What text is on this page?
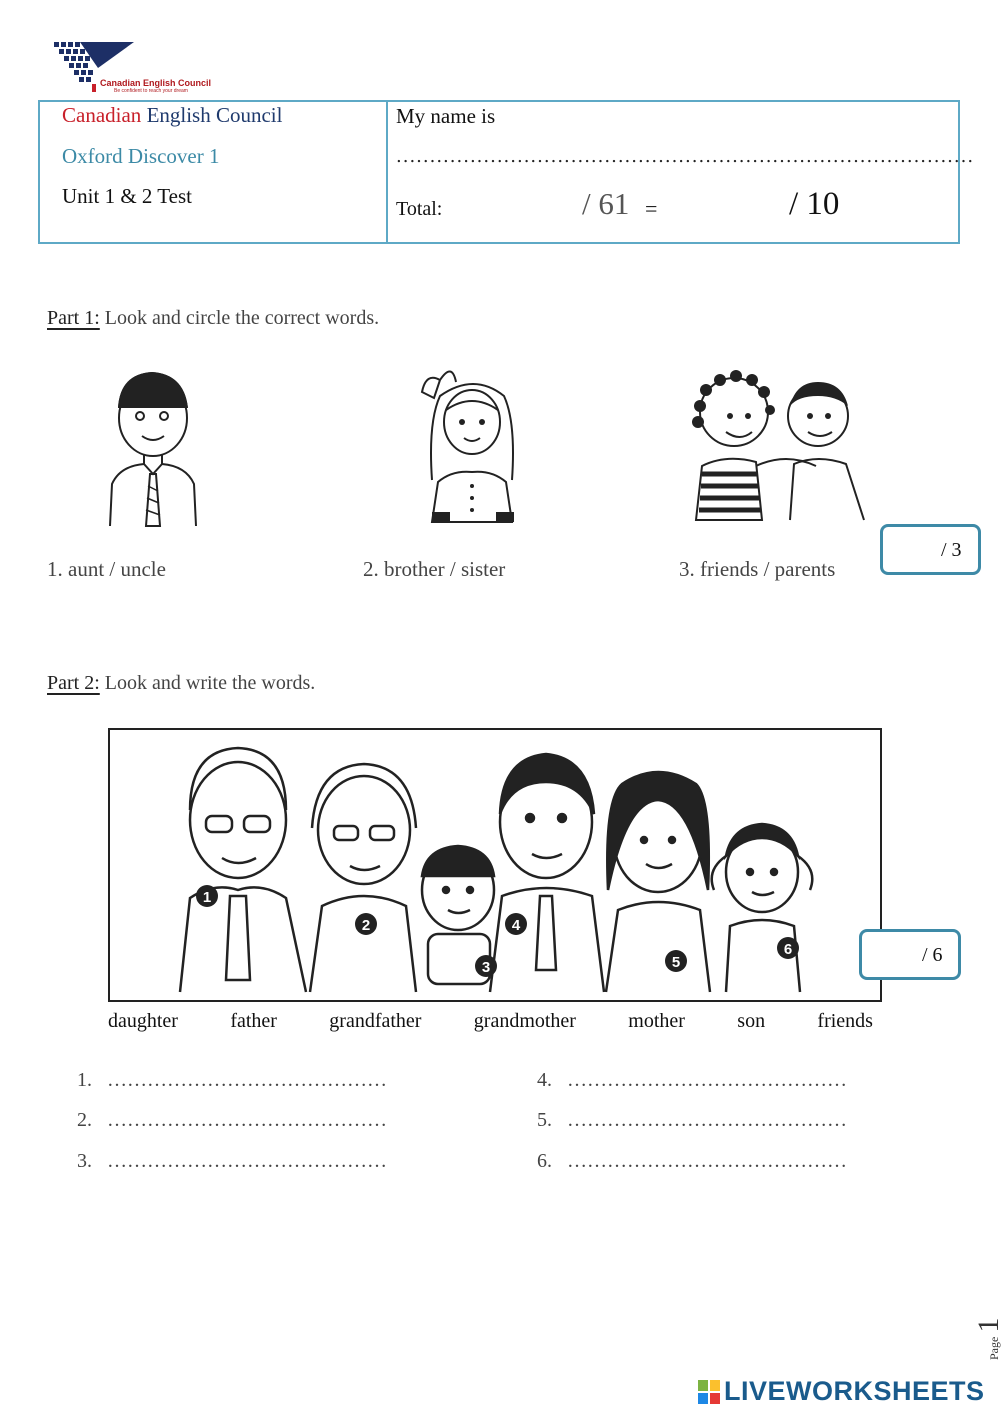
Canadian English Council
Be confident to reach your dream
Canadian English Council
Oxford Discover 1
Unit 1 & 2 Test
My name is
......................................................................................
Total:	/ 61 =	/ 10
Part 1: Look and circle the correct words.
1. aunt / uncle	2. brother / sister	3. friends / parents
/ 3
Part 2: Look and write the words.
1
2
3
4
5
6	/ 6
daughter	father	grandfather	grandmother	mother	son	friends
1. ……………………………………
2. ……………………………………
3. ……………………………………
4. ……………………………………
5. ……………………………………
6. ……………………………………
Page 1
LIVEWORKSHEETS
